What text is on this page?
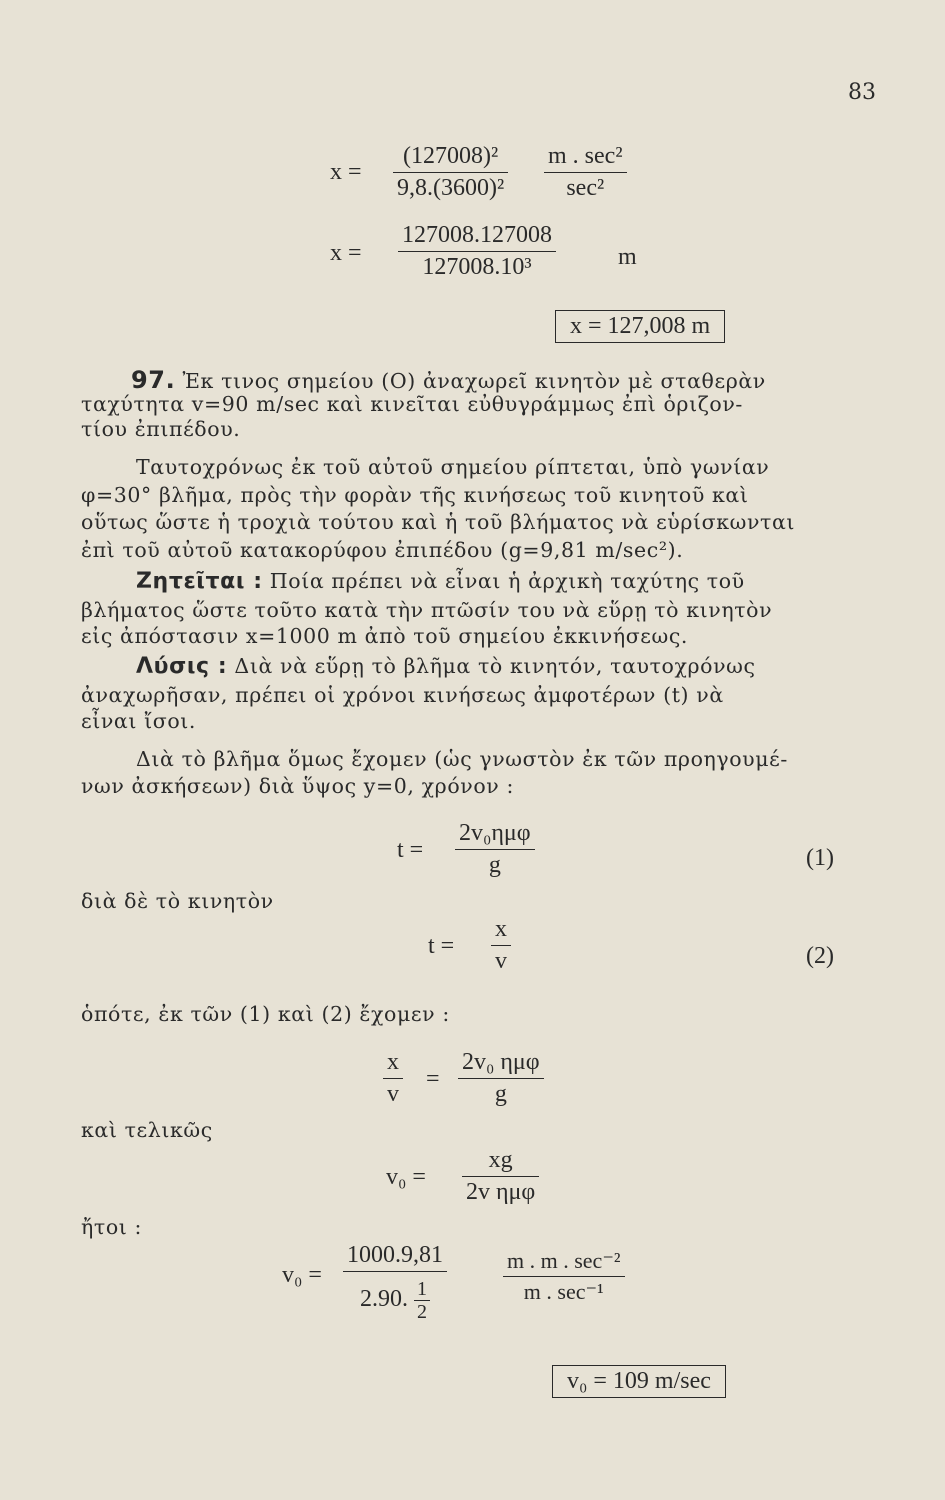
83
$x = \frac{\text{(127008)²}}{\text{9,8.(3600)²}}$ m . sec²
sec²
$x = \frac{127008.127008}{\text{127008.10³}}$	m
x = 127,008 m
97. Ἐκ τινος σημείου (Ο) ἀναχωρεῖ κινητὸν μὲ σταθερὰν
ταχύτητα v=90 m/sec καὶ κινεῖται εὐθυγράμμως ἐπὶ ὁριζον-
τίου ἐπιπέδου.
Ταυτοχρόνως ἐκ τοῦ αὐτοῦ σημείου ρίπτεται, ὑπὸ γωνίαν
φ=30° βλῆμα, πρὸς τὴν φορὰν τῆς κινήσεως τοῦ κινητοῦ καὶ
οὕτως ὥστε ἡ τροχιὰ τούτου καὶ ἡ τοῦ βλήματος νὰ εὑρίσκωνται
ἐπὶ τοῦ αὐτοῦ κατακορύφου ἐπιπέδου (g=9,81 m/sec²).
Ζητεῖται : Ποία πρέπει νὰ εἶναι ἡ ἀρχικὴ ταχύτης τοῦ
βλήματος ὥστε τοῦτο κατὰ τὴν πτῶσίν του νὰ εὕρῃ τὸ κινητὸν
εἰς ἀπόστασιν x=1000 m ἀπὸ τοῦ σημείου ἐκκινήσεως.
Λύσις : Διὰ νὰ εὕρῃ τὸ βλῆμα τὸ κινητόν, ταυτοχρόνως
ἀναχωρῆσαν, πρέπει οἱ χρόνοι κινήσεως ἀμφοτέρων (t) νὰ
εἶναι ἴσοι.
Διὰ τὸ βλῆμα ὅμως ἔχομεν (ὡς γνωστὸν ἐκ τῶν προηγουμέ-
νων ἀσκήσεων) διὰ ὕψος y=0, χρόνον :
t =
2v₀ημφ
g	(1)
διὰ δὲ τὸ κινητὸν
$t = \frac{x}{v}$	(2)
ὁπότε, ἐκ τῶν (1) καὶ (2) ἔχομεν :
$\frac{x}{v}$ =
2v₀ ημφ
g
καὶ τελικῶς
v₀ =
xg
2v ημφ
ἤτοι :
$v_0 = \frac{1000.9,81}{2.90. \frac{1}{2}}$	m . m . sec⁻²
m . sec⁻¹
v₀ = 109 m/sec
